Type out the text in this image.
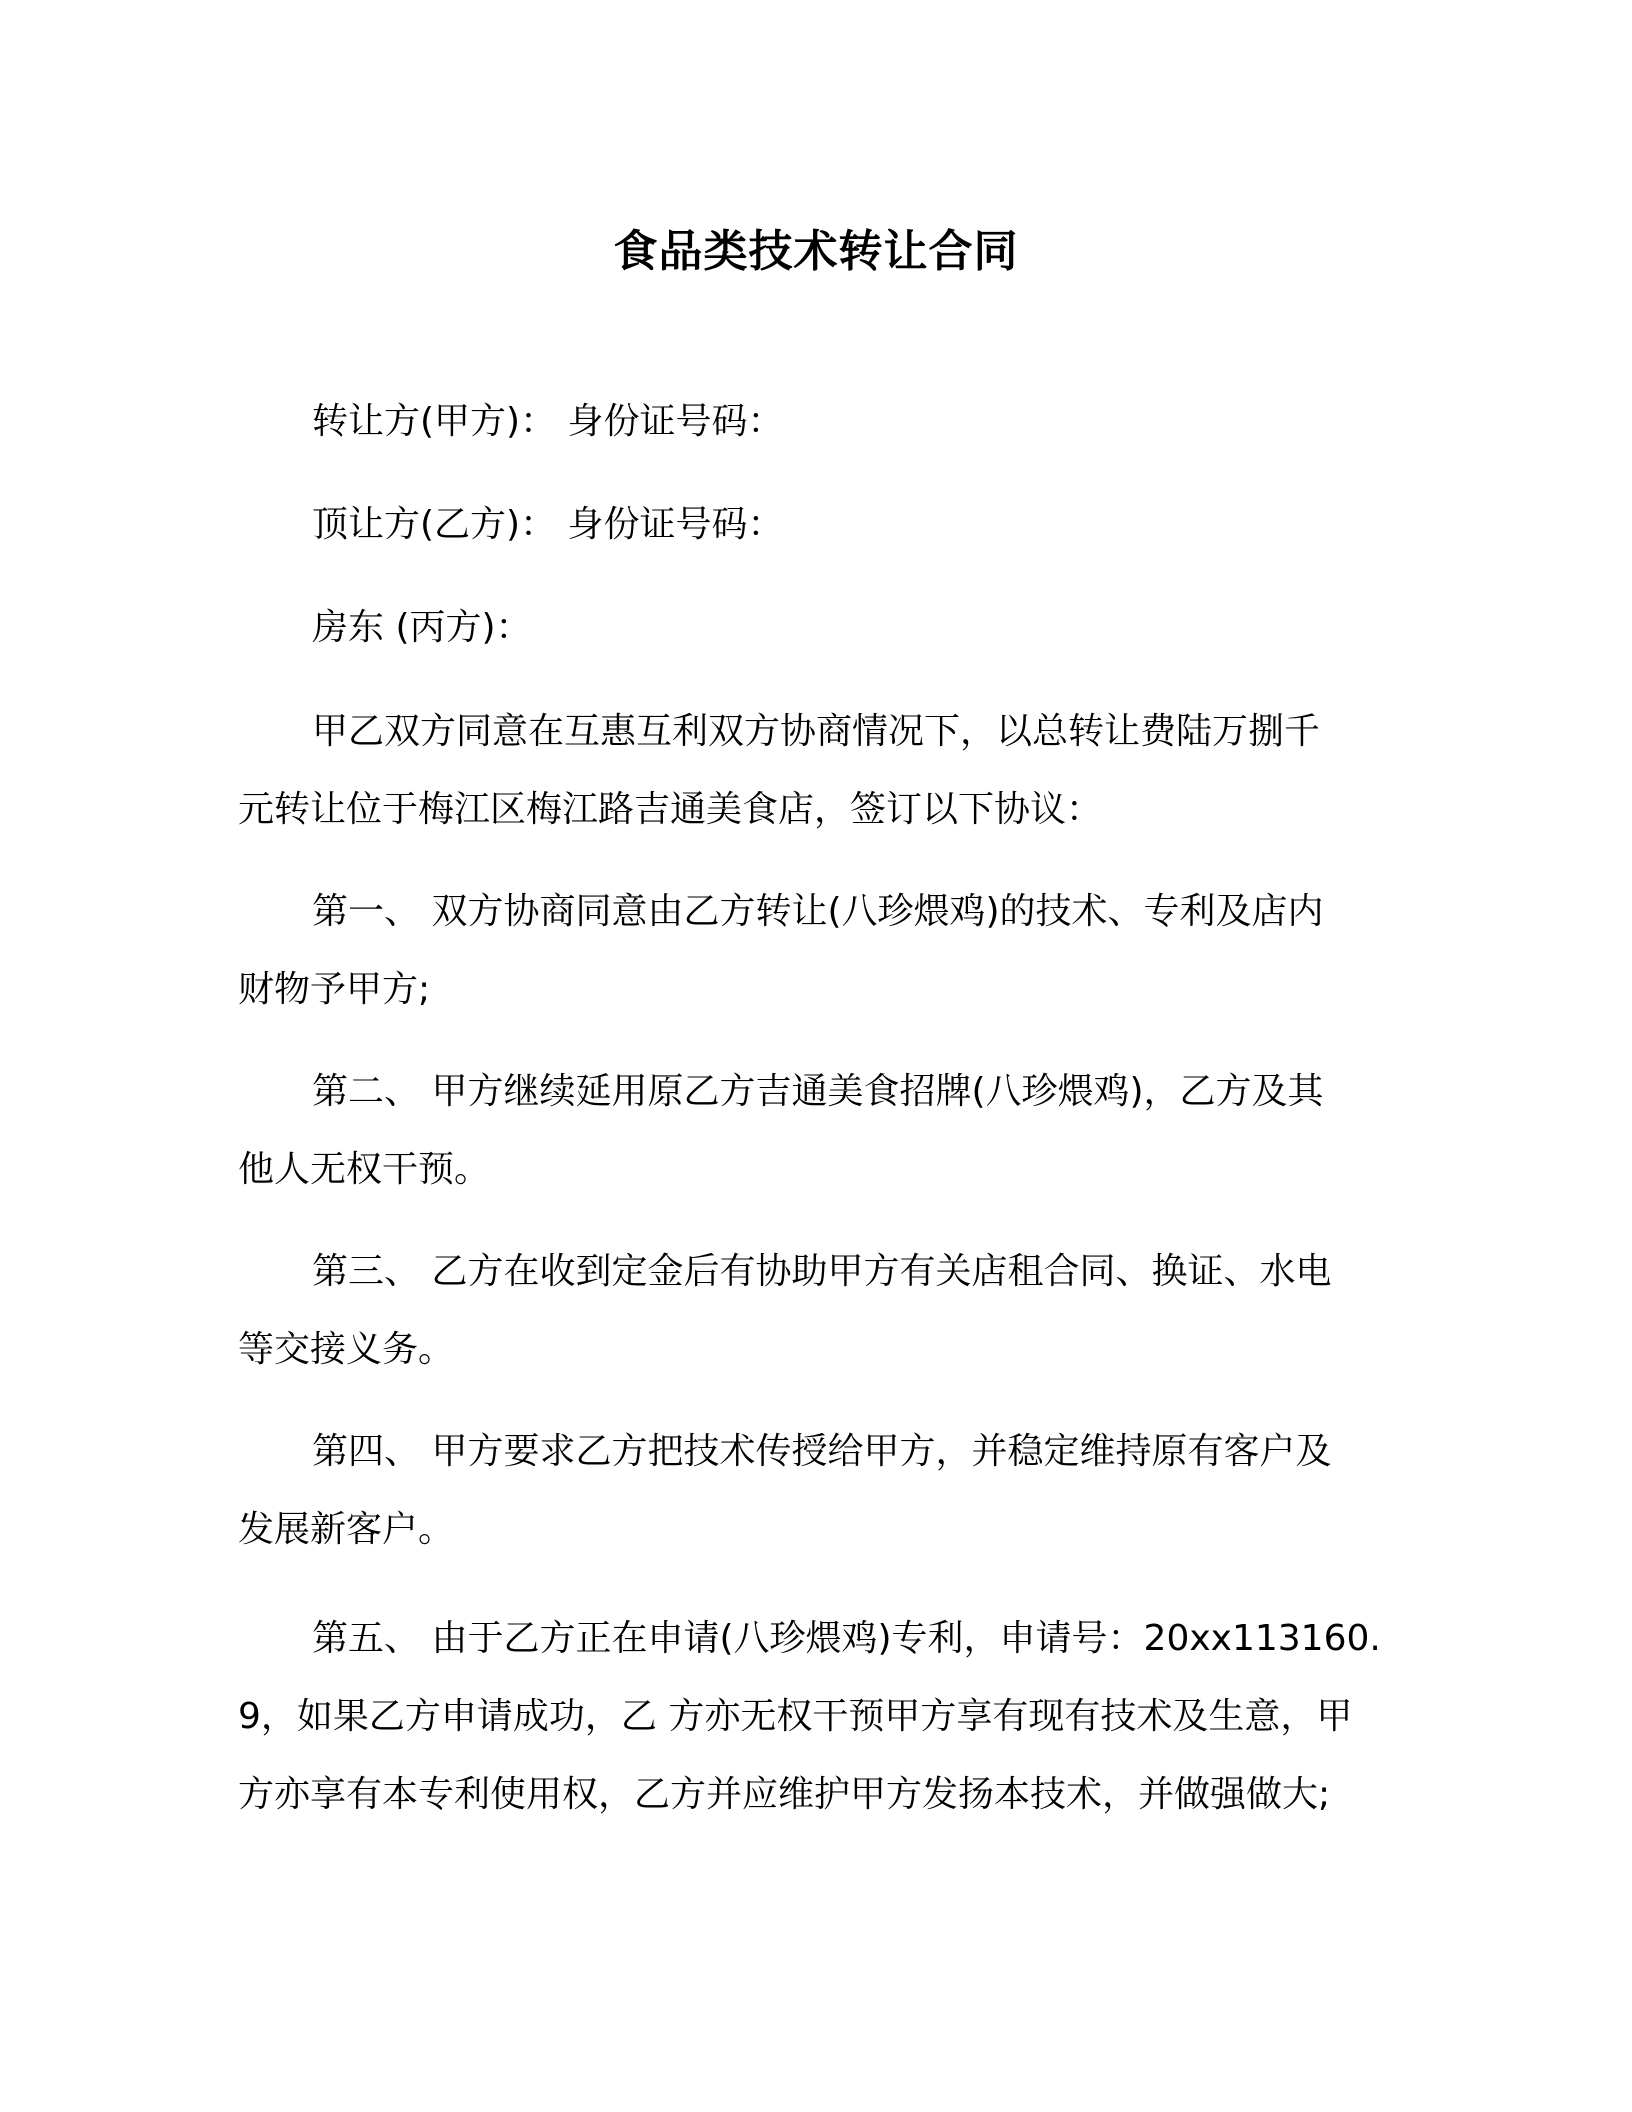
食品类技术转让合同
转让方(甲方)： 身份证号码：
顶让方(乙方)： 身份证号码：
房东 (丙方)：
甲乙双方同意在互惠互利双方协商情况下，以总转让费陆万捌千
元转让位于梅江区梅江路吉通美食店，签订以下协议：
第一、 双方协商同意由乙方转让(八珍煨鸡)的技术、专利及店内
财物予甲方;
第二、 甲方继续延用原乙方吉通美食招牌(八珍煨鸡)，乙方及其
他人无权干预。
第三、 乙方在收到定金后有协助甲方有关店租合同、换证、水电
等交接义务。
第四、 甲方要求乙方把技术传授给甲方，并稳定维持原有客户及
发展新客户。
第五、 由于乙方正在申请(八珍煨鸡)专利，申请号：20xx113160.
9，如果乙方申请成功，乙 方亦无权干预甲方享有现有技术及生意，甲
方亦享有本专利使用权，乙方并应维护甲方发扬本技术，并做强做大;
